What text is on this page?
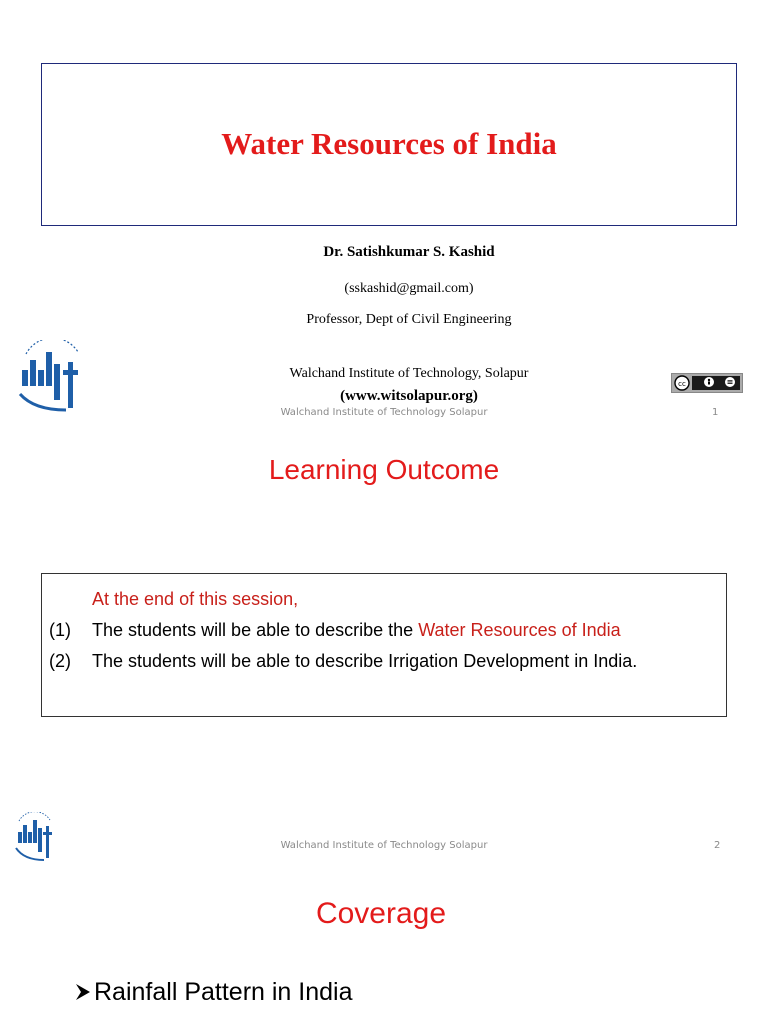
Water Resources of India
Dr. Satishkumar S. Kashid
(sskashid@gmail.com)
Professor, Dept of Civil Engineering
Walchand Institute of Technology, Solapur
(www.witsolapur.org)
Walchand Institute of Technology Solapur	1
cc
Learning Outcome
At the end of this session,
(1) The students will be able to describe the Water Resources of India
(2) The students will be able to describe Irrigation Development in India.
Walchand Institute of Technology Solapur	2
Coverage
Rainfall Pattern in India
